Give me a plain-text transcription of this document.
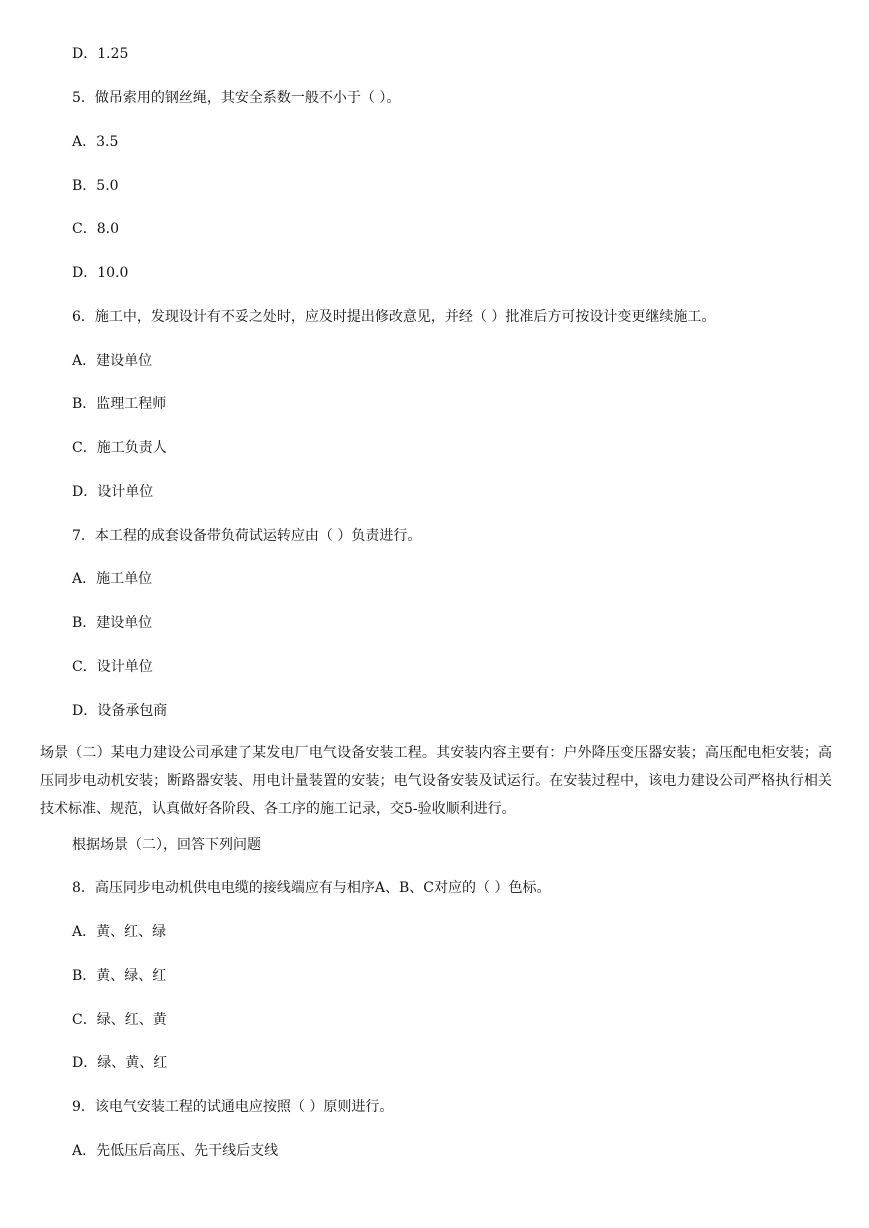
D．1.25

5．做吊索用的钢丝绳，其安全系数一般不小于（ ）。

A．3.5

B．5.0

C．8.0

D．10.0

6．施工中，发现设计有不妥之处时，应及时提出修改意见，并经（ ）批准后方可按设计变更继续施工。

A．建设单位

B．监理工程师

C．施工负责人

D．设计单位

7．本工程的成套设备带负荷试运转应由（ ）负责进行。

A．施工单位

B．建设单位

C．设计单位

D．设备承包商

场景（二）某电力建设公司承建了某发电厂电气设备安装工程。其安装内容主要有：户外降压变压器安装；高压配电柜安装；高压同步电动机安装；断路器安装、用电计量装置的安装；电气设备安装及试运行。在安装过程中，该电力建设公司严格执行相关技术标准、规范，认真做好各阶段、各工序的施工记录，交5-验收顺利进行。

根据场景（二），回答下列问题

8．高压同步电动机供电电缆的接线端应有与相序A、B、C对应的（ ）色标。

A．黄、红、绿

B．黄、绿、红

C．绿、红、黄

D．绿、黄、红

9．该电气安装工程的试通电应按照（ ）原则进行。

A．先低压后高压、先干线后支线
